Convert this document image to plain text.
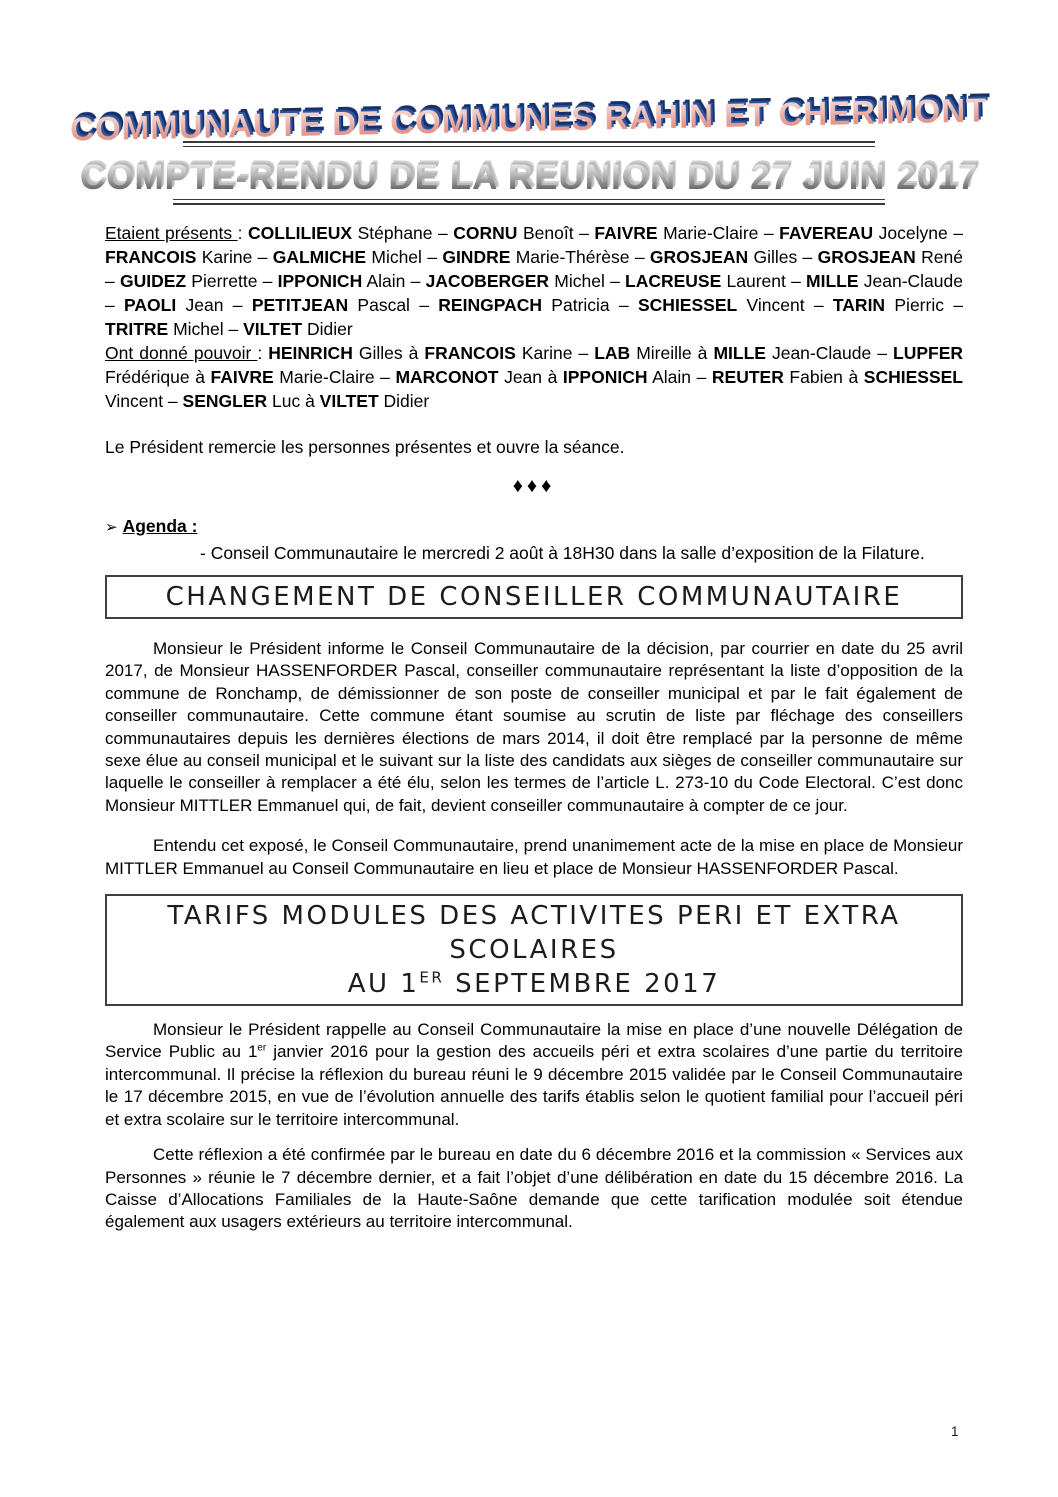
COMMUNAUTE DE COMMUNES RAHIN ET CHERIMONT
COMPTE-RENDU DE LA REUNION DU 27 JUIN 2017

Etaient présents : COLLILIEUX Stéphane – CORNU Benoît – FAIVRE Marie-Claire – FAVEREAU Jocelyne – FRANCOIS Karine – GALMICHE Michel – GINDRE Marie-Thérèse – GROSJEAN Gilles – GROSJEAN René – GUIDEZ Pierrette – IPPONICH Alain – JACOBERGER Michel – LACREUSE Laurent – MILLE Jean-Claude – PAOLI Jean – PETITJEAN Pascal – REINGPACH Patricia – SCHIESSEL Vincent – TARIN Pierric – TRITRE Michel – VILTET Didier

Ont donné pouvoir : HEINRICH Gilles à FRANCOIS Karine – LAB Mireille à MILLE Jean-Claude – LUPFER Frédérique à FAIVRE Marie-Claire – MARCONOT Jean à IPPONICH Alain – REUTER Fabien à SCHIESSEL Vincent – SENGLER Luc à VILTET Didier

Le Président remercie les personnes présentes et ouvre la séance.

♦♦♦
➢ Agenda :

- Conseil Communautaire le mercredi 2 août à 18H30 dans la salle d’exposition de la Filature.

CHANGEMENT DE CONSEILLER COMMUNAUTAIRE

Monsieur le Président informe le Conseil Communautaire de la décision, par courrier en date du 25 avril 2017, de Monsieur HASSENFORDER Pascal, conseiller communautaire représentant la liste d’opposition de la commune de Ronchamp, de démissionner de son poste de conseiller municipal et par le fait également de conseiller communautaire. Cette commune étant soumise au scrutin de liste par fléchage des conseillers communautaires depuis les dernières élections de mars 2014, il doit être remplacé par la personne de même sexe élue au conseil municipal et le suivant sur la liste des candidats aux sièges de conseiller communautaire sur laquelle le conseiller à remplacer a été élu, selon les termes de l’article L. 273-10 du Code Electoral. C’est donc Monsieur MITTLER Emmanuel qui, de fait, devient conseiller communautaire à compter de ce jour.

Entendu cet exposé, le Conseil Communautaire, prend unanimement acte de la mise en place de Monsieur MITTLER Emmanuel au Conseil Communautaire en lieu et place de Monsieur HASSENFORDER Pascal.

TARIFS MODULES DES ACTIVITES PERI ET EXTRA SCOLAIRES
AU 1ER SEPTEMBRE 2017

Monsieur le Président rappelle au Conseil Communautaire la mise en place d’une nouvelle Délégation de Service Public au 1er janvier 2016 pour la gestion des accueils péri et extra scolaires d’une partie du territoire intercommunal. Il précise la réflexion du bureau réuni le 9 décembre 2015 validée par le Conseil Communautaire le 17 décembre 2015, en vue de l’évolution annuelle des tarifs établis selon le quotient familial pour l’accueil péri et extra scolaire sur le territoire intercommunal.

Cette réflexion a été confirmée par le bureau en date du 6 décembre 2016 et la commission « Services aux Personnes » réunie le 7 décembre dernier, et a fait l’objet d’une délibération en date du 15 décembre 2016. La Caisse d’Allocations Familiales de la Haute-Saône demande que cette tarification modulée soit étendue également aux usagers extérieurs au territoire intercommunal.

1
